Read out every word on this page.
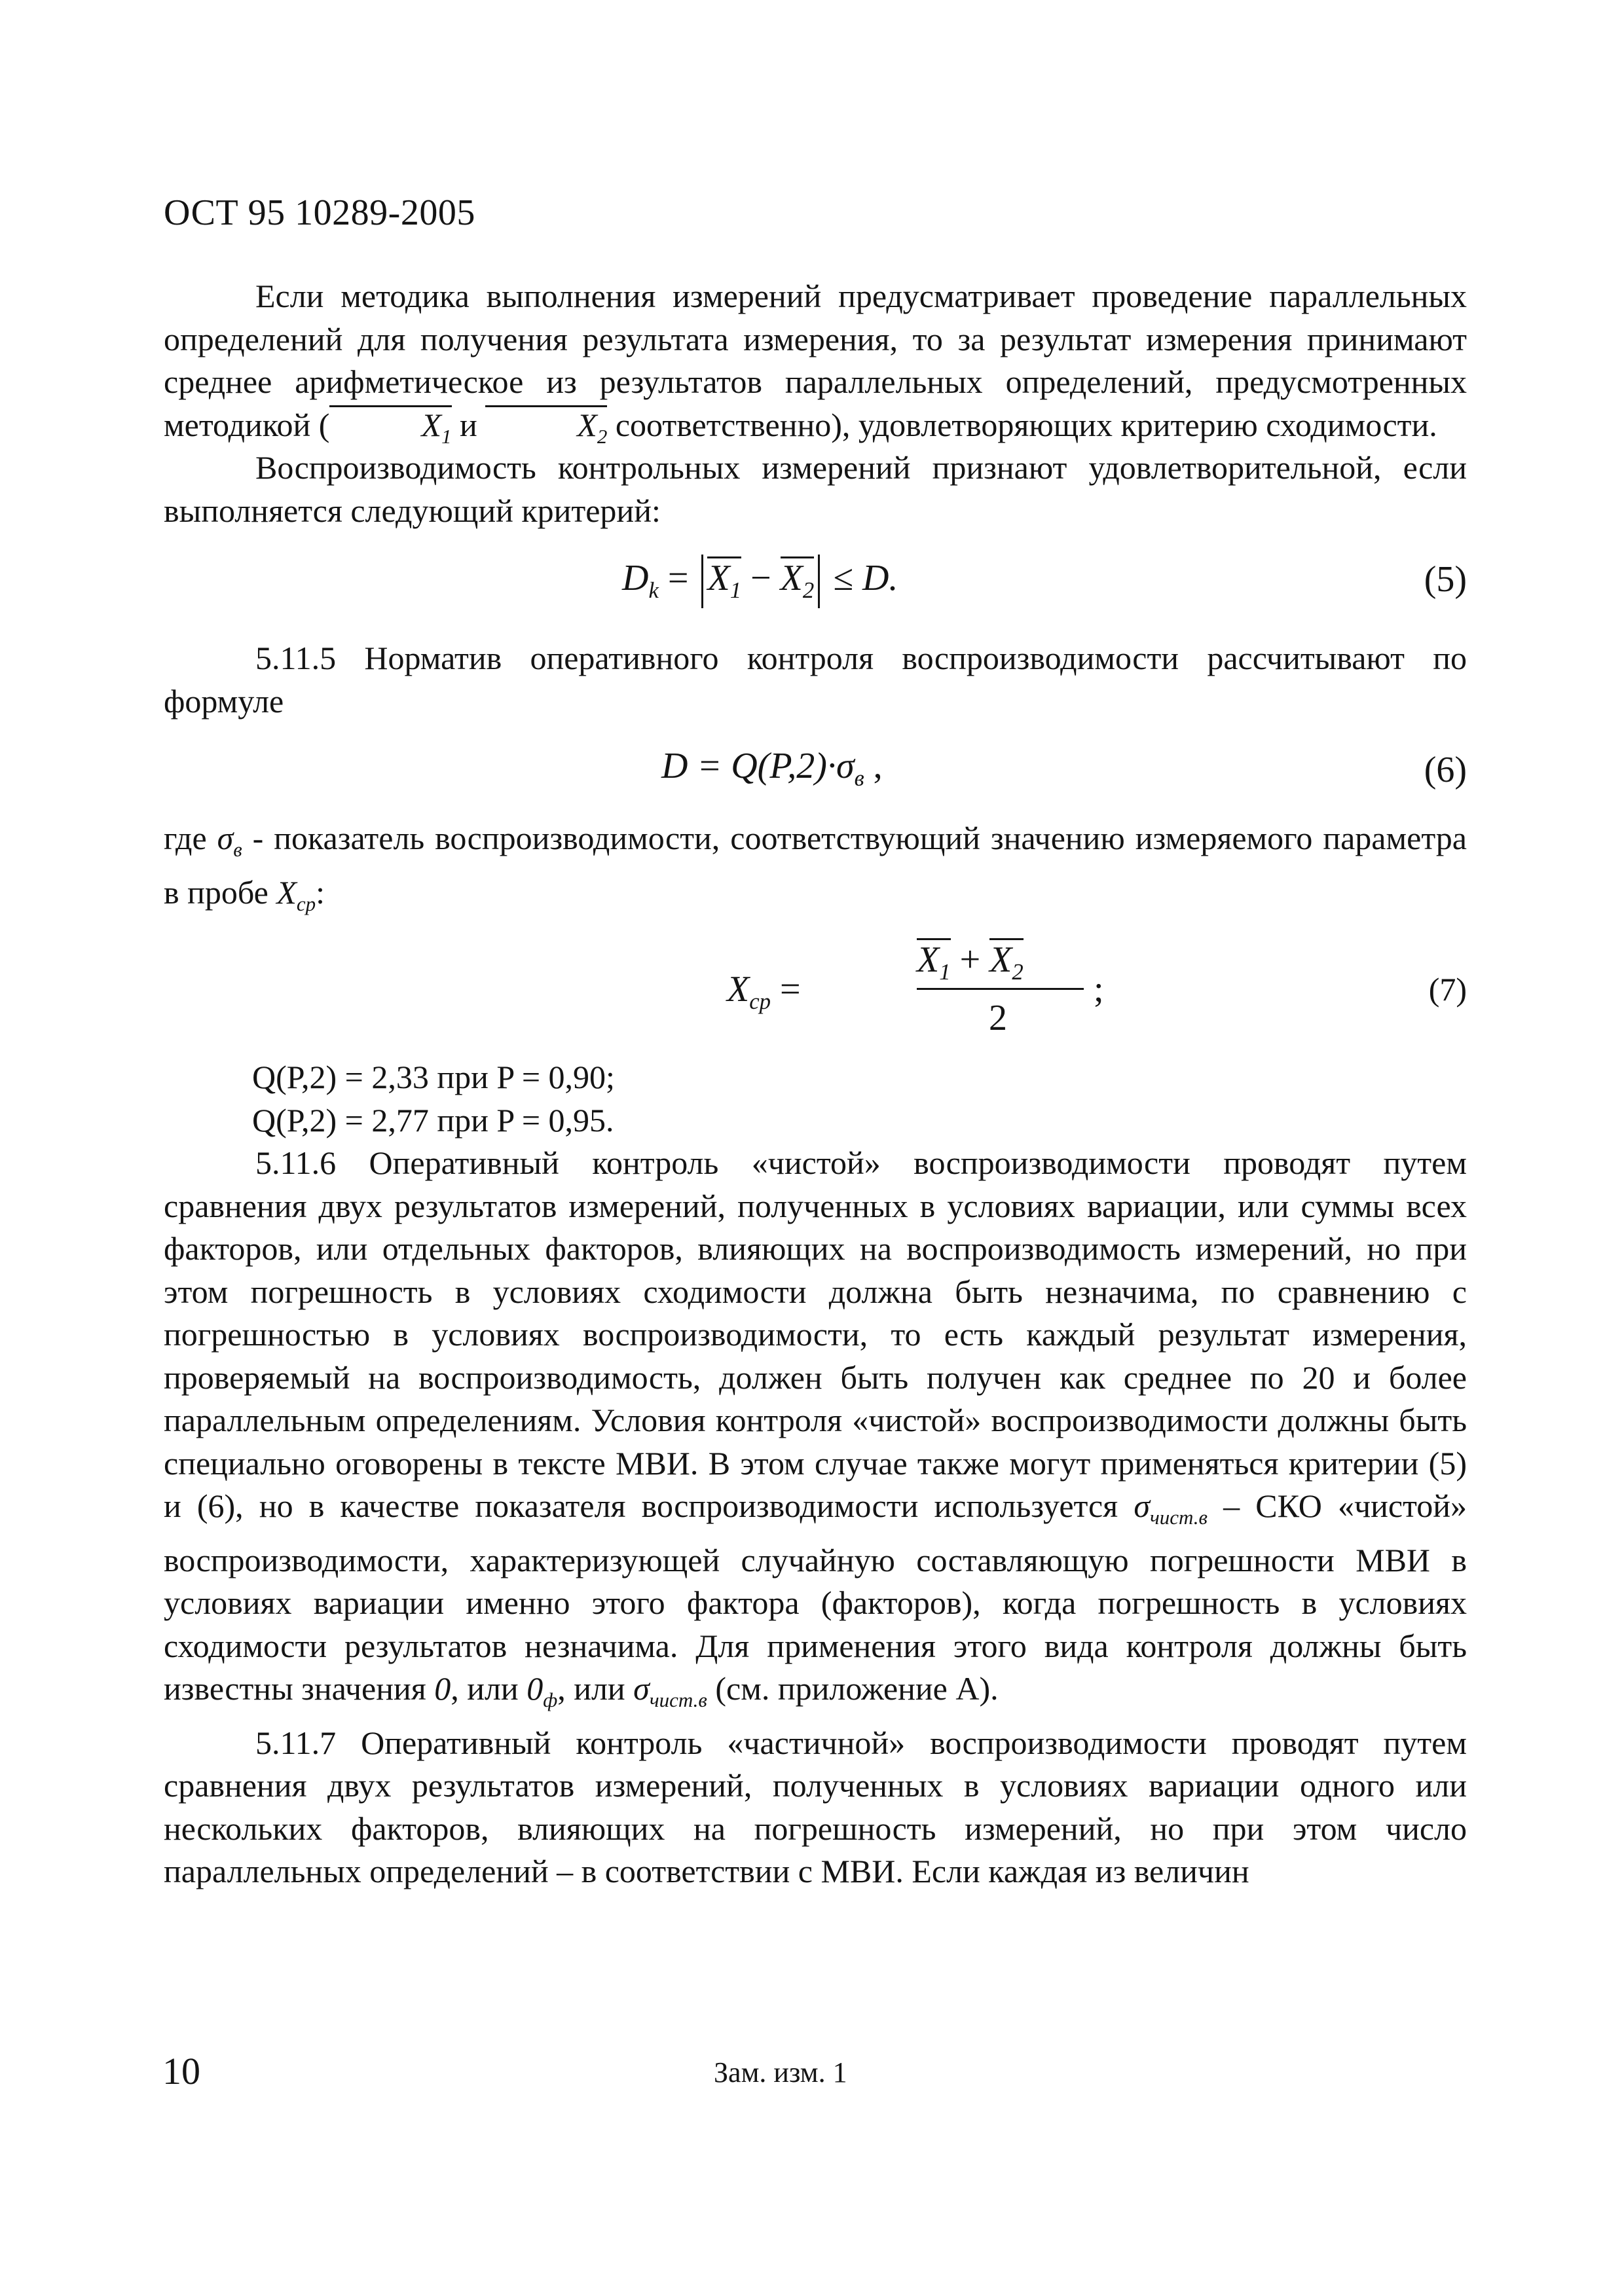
ОСТ 95 10289-2005

Если методика выполнения измерений предусматривает проведение параллельных определений для получения результата измерения, то за результат измерения принимают среднее арифметическое из результатов параллельных определений, предусмотренных методикой (	$X_1$ и	$X_2$ соответственно), удовлетворяющих критерию сходимости.

Воспроизводимость контрольных измерений признают удовлетворительной, если выполняется следующий критерий:

$D_k = X_1 - X_2 \le D$.	(5)

5.11.5 Норматив оперативного контроля воспроизводимости рассчитывают по формуле

$D = Q(P,2)\cdot\sigma_в$ ,	(6)

где $\sigma_в$ - показатель воспроизводимости, соответствующий значению измеряемого параметра в пробе $X_{ср}$:

$X_{ср}$ =
$X_1 + X_2$
2
;	(7)

Q(P,2) = 2,33 при P = 0,90;

Q(P,2) = 2,77 при P = 0,95.

5.11.6 Оперативный контроль «чистой» воспроизводимости проводят путем сравнения двух результатов измерений, полученных в условиях вариации, или суммы всех факторов, или отдельных факторов, влияющих на воспроизводимость измерений, но при этом погрешность в условиях сходимости должна быть незначима, по сравнению с погрешностью в условиях воспроизводимости, то есть каждый результат измерения, проверяемый на воспроизводимость, должен быть получен как среднее по 20 и более параллельным определениям. Условия контроля «чистой» воспроизводимости должны быть специально оговорены в тексте МВИ. В этом случае также могут применяться критерии (5) и (6), но в качестве показателя воспроизводимости используется $\sigma_{чист.в}$ – СКО «чистой» воспроизводимости, характеризующей случайную составляющую погрешности МВИ в условиях вариации именно этого фактора (факторов), когда погрешность в условиях сходимости результатов незначима. Для применения этого вида контроля должны быть известны значения 0, или $0_ф$, или $\sigma_{чист.в}$ (см. приложение А).

5.11.7 Оперативный контроль «частичной» воспроизводимости проводят путем сравнения двух результатов измерений, полученных в условиях вариации одного или нескольких факторов, влияющих на погрешность измерений, но при этом число параллельных определений – в соответствии с МВИ. Если каждая из величин

10	Зам. изм. 1
